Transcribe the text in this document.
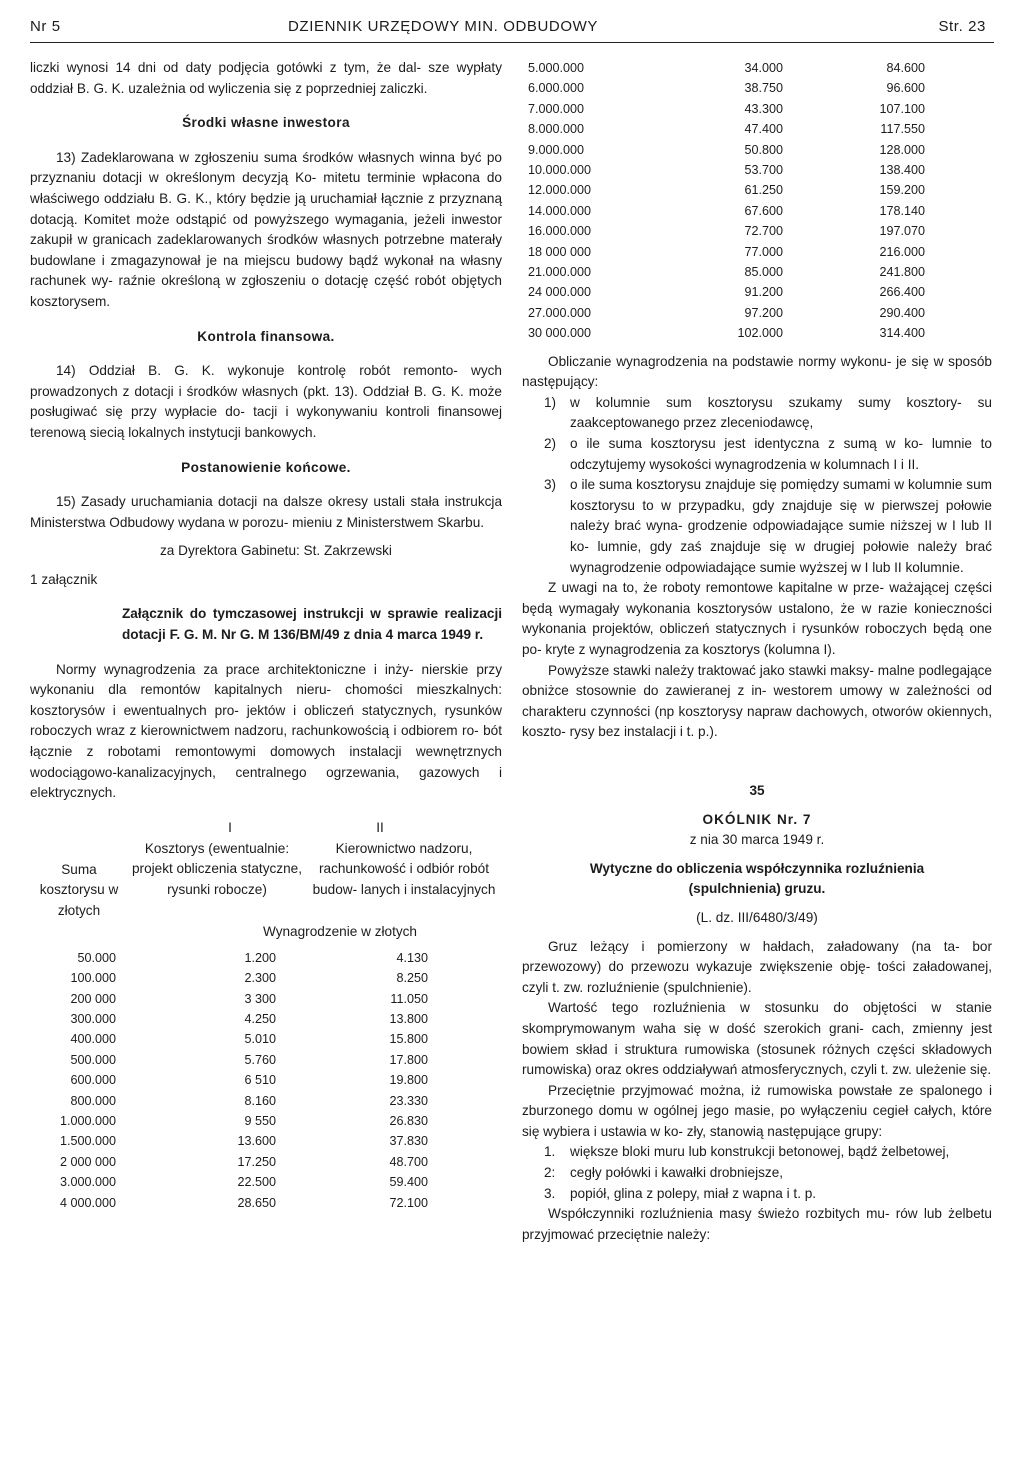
Nr 5	DZIENNIK URZĘDOWY MIN. ODBUDOWY	Str. 23

liczki wynosi 14 dni od daty podjęcia gotówki z tym, że dal- sze wypłaty oddział B. G. K. uzależnia od wyliczenia się z poprzedniej zaliczki.

Środki własne inwestora

13) Zadeklarowana w zgłoszeniu suma środków własnych winna być po przyznaniu dotacji w określonym decyzją Ko- mitetu terminie wpłacona do właściwego oddziału B. G. K., który będzie ją uruchamiał łącznie z przyznaną dotacją. Komitet może odstąpić od powyższego wymagania, jeżeli inwestor zakupił w granicach zadeklarowanych środków własnych potrzebne materały budowlane i zmagazynował je na miejscu budowy bądź wykonał na własny rachunek wy- raźnie określoną w zgłoszeniu o dotację część robót objętych kosztorysem.

Kontrola finansowa.

14) Oddział B. G. K. wykonuje kontrolę robót remonto- wych prowadzonych z dotacji i środków własnych (pkt. 13). Oddział B. G. K. może posługiwać się przy wypłacie do- tacji i wykonywaniu kontroli finansowej terenową siecią lokalnych instytucji bankowych.

Postanowienie końcowe.

15) Zasady uruchamiania dotacji na dalsze okresy ustali stała instrukcja Ministerstwa Odbudowy wydana w porozu- mieniu z Ministerstwem Skarbu.

za Dyrektora Gabinetu: St. Zakrzewski

1 załącznik

Załącznik do tymczasowej instrukcji w sprawie realizacji dotacji F. G. M. Nr G. M 136/BM/49 z dnia 4 marca 1949 r.

Normy wynagrodzenia za prace architektoniczne i inży- nierskie przy wykonaniu dla remontów kapitalnych nieru- chomości mieszkalnych: kosztorysów i ewentualnych pro- jektów i obliczeń statycznych, rysunków roboczych wraz z kierownictwem nadzoru, rachunkowością i odbiorem ro- bót łącznie z robotami remontowymi domowych instalacji wewnętrznych wodociągowo-kanalizacyjnych, centralnego ogrzewania, gazowych i elektrycznych.

I	II
Suma kosztorysu w złotych
Kosztorys (ewentualnie: projekt obliczenia statyczne, rysunki robocze)
Kierownictwo nadzoru, rachunkowość i odbiór robót budow- lanych i instalacyjnych
Wynagrodzenie w złotych
50.000	1.200	4.130
100.000	2.300	8.250
200 000	3 300	11.050
300.000	4.250	13.800
400.000	5.010	15.800
500.000	5.760	17.800
600.000	6 510	19.800
800.000	8.160	23.330
1.000.000	9 550	26.830
1.500.000	13.600	37.830
2 000 000	17.250	48.700
3.000.000	22.500	59.400
4 000.000	28.650	72.100
5.000.000	34.000	84.600
6.000.000	38.750	96.600
7.000.000	43.300	107.100
8.000.000	47.400	117.550
9.000.000	50.800	128.000
10.000.000	53.700	138.400
12.000.000	61.250	159.200
14.000.000	67.600	178.140
16.000.000	72.700	197.070
18 000 000	77.000	216.000
21.000.000	85.000	241.800
24 000.000	91.200	266.400
27.000.000	97.200	290.400
30 000.000	102.000	314.400

Obliczanie wynagrodzenia na podstawie normy wykonu- je się w sposób następujący:

1) w kolumnie sum kosztorysu szukamy sumy kosztory- su zaakceptowanego przez zleceniodawcę,
2) o ile suma kosztorysu jest identyczna z sumą w ko- lumnie to odczytujemy wysokości wynagrodzenia w kolumnach I i II.
3) o ile suma kosztorysu znajduje się pomiędzy sumami w kolumnie sum kosztorysu to w przypadku, gdy znajduje się w pierwszej połowie należy brać wyna- grodzenie odpowiadające sumie niższej w I lub II ko- lumnie, gdy zaś znajduje się w drugiej połowie należy brać wynagrodzenie odpowiadające sumie wyższej w I lub II kolumnie.

Z uwagi na to, że roboty remontowe kapitalne w prze- ważającej części będą wymagały wykonania kosztorysów ustalono, że w razie konieczności wykonania projektów, obliczeń statycznych i rysunków roboczych będą one po- kryte z wynagrodzenia za kosztorys (kolumna I).

Powyższe stawki należy traktować jako stawki maksy- malne podlegające obniżce stosownie do zawieranej z in- westorem umowy w zależności od charakteru czynności (np kosztorysy napraw dachowych, otworów okiennych, koszto- rysy bez instalacji i t. p.).

35

OKÓLNIK Nr. 7

z nia 30 marca 1949 r.

Wytyczne do obliczenia współczynnika rozluźnienia (spulchnienia) gruzu.

(L. dz. III/6480/3/49)

Gruz leżący i pomierzony w hałdach, załadowany (na ta- bor przewozowy) do przewozu wykazuje zwiększenie obję- tości załadowanej, czyli t. zw. rozluźnienie (spulchnienie).

Wartość tego rozluźnienia w stosunku do objętości w stanie skomprymowanym waha się w dość szerokich grani- cach, zmienny jest bowiem skład i struktura rumowiska (stosunek różnych części składowych rumowiska) oraz okres oddziaływań atmosferycznych, czyli t. zw. uleżenie się.

Przeciętnie przyjmować można, iż rumowiska powstałe ze spalonego i zburzonego domu w ogólnej jego masie, po wyłączeniu cegieł całych, które się wybiera i ustawia w ko- zły, stanowią następujące grupy:

1. większe bloki muru lub konstrukcji betonowej, bądź żelbetowej,
2: cegły połówki i kawałki drobniejsze,
3. popiół, glina z polepy, miał z wapna i t. p.

Współczynniki rozluźnienia masy świeżo rozbitych mu- rów lub żelbetu przyjmować przeciętnie należy:
